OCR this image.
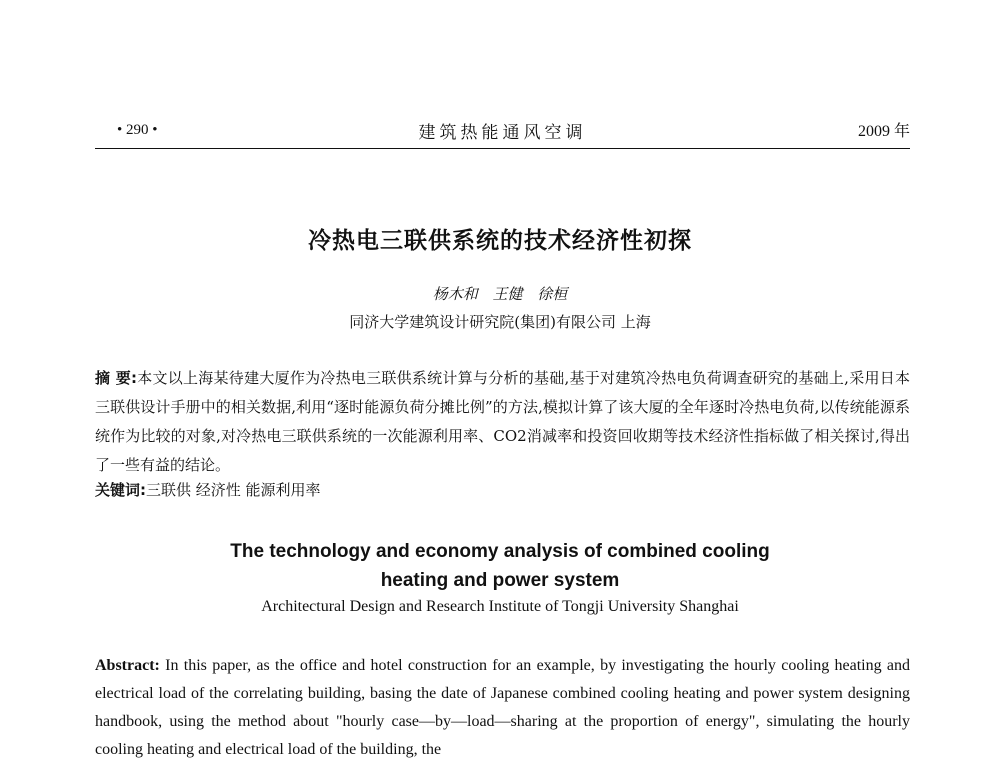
• 290 •	建筑热能通风空调	2009 年
冷热电三联供系统的技术经济性初探
杨木和 王健 徐桓
同济大学建筑设计研究院(集团)有限公司 上海
摘 要:本文以上海某待建大厦作为冷热电三联供系统计算与分析的基础,基于对建筑冷热电负荷调查研究的基础上,采用日本三联供设计手册中的相关数据,利用“逐时能源负荷分摊比例”的方法,模拟计算了该大厦的全年逐时冷热电负荷,以传统能源系统作为比较的对象,对冷热电三联供系统的一次能源利用率、CO2消减率和投资回收期等技术经济性指标做了相关探讨,得出了一些有益的结论。
关键词:三联供 经济性 能源利用率
The technology and economy analysis of combined cooling
heating and power system
Architectural Design and Research Institute of Tongji University Shanghai
Abstract: In this paper, as the office and hotel construction for an example, by investigating the hourly cooling heating and electrical load of the correlating building, basing the date of Japanese combined cooling heating and power system designing handbook, using the method about "hourly case—by—load—sharing at the proportion of energy", simulating the hourly cooling heating and electrical load of the building, the
